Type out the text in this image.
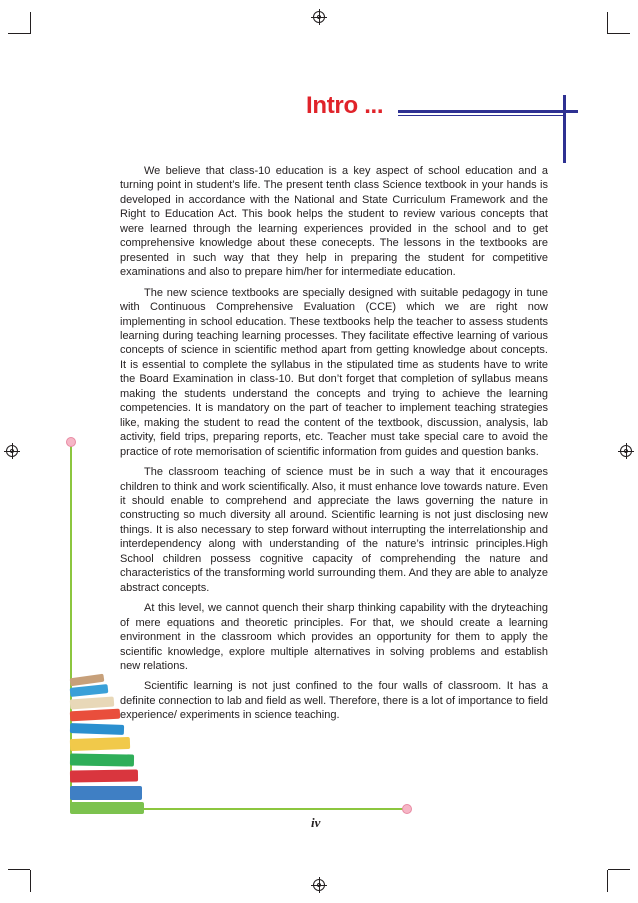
Intro ...

We believe that class-10 education is a key aspect of school education and a turning point in student’s life. The present tenth class Science textbook in your hands is developed in accordance with the National and State Curriculum Framework and the Right to Education Act. This book helps the student to review various concepts that were learned through the learning experiences provided in the school and to get comprehensive knowledge about these conecepts. The lessons in the textbooks are presented in such way that they help in preparing the student for competitive examinations and also to prepare him/her for intermediate education.

The new science textbooks are specially designed with suitable pedagogy in tune with Continuous Comprehensive Evaluation (CCE) which we are right now implementing in school education. These textbooks help the teacher to assess students learning during teaching learning processes. They facilitate effective learning of various concepts of science in scientific method apart from getting knowledge about concepts. It is essential to complete the syllabus in the stipulated time as students have to write the Board Examination in class-10. But don’t forget that completion of syllabus means making the students understand the concepts and trying to achieve the learning competencies. It is mandatory on the part of teacher to implement teaching strategies like, making the student to read the content of the textbook, discussion, analysis, lab activity, field trips, preparing reports, etc. Teacher must take special care to avoid the practice of rote memorisation of scientific information from guides and question banks.

The classroom teaching of science must be in such a way that it encourages children to think and work scientifically. Also, it must enhance love towards nature. Even it should enable to comprehend and appreciate the laws governing the nature in constructing so much diversity all around. Scientific learning is not just disclosing new things. It is also necessary to step forward without interrupting the interrelationship and interdependency along with understanding of the nature’s intrinsic principles.High School children possess cognitive capacity of comprehending the nature and characteristics of the transforming world surrounding them. And they are able to analyze abstract concepts.

At this level, we cannot quench their sharp thinking capability with the dryteaching of mere equations and theoretic principles. For that, we should create a learning environment in the classroom which provides an opportunity for them to apply the scientific knowledge, explore multiple alternatives in solving problems and establish new relations.

Scientific learning is not just confined to the four walls of classroom. It has a definite connection to lab and field as well. Therefore, there is a lot of importance to field experience/ experiments in science teaching.

iv
